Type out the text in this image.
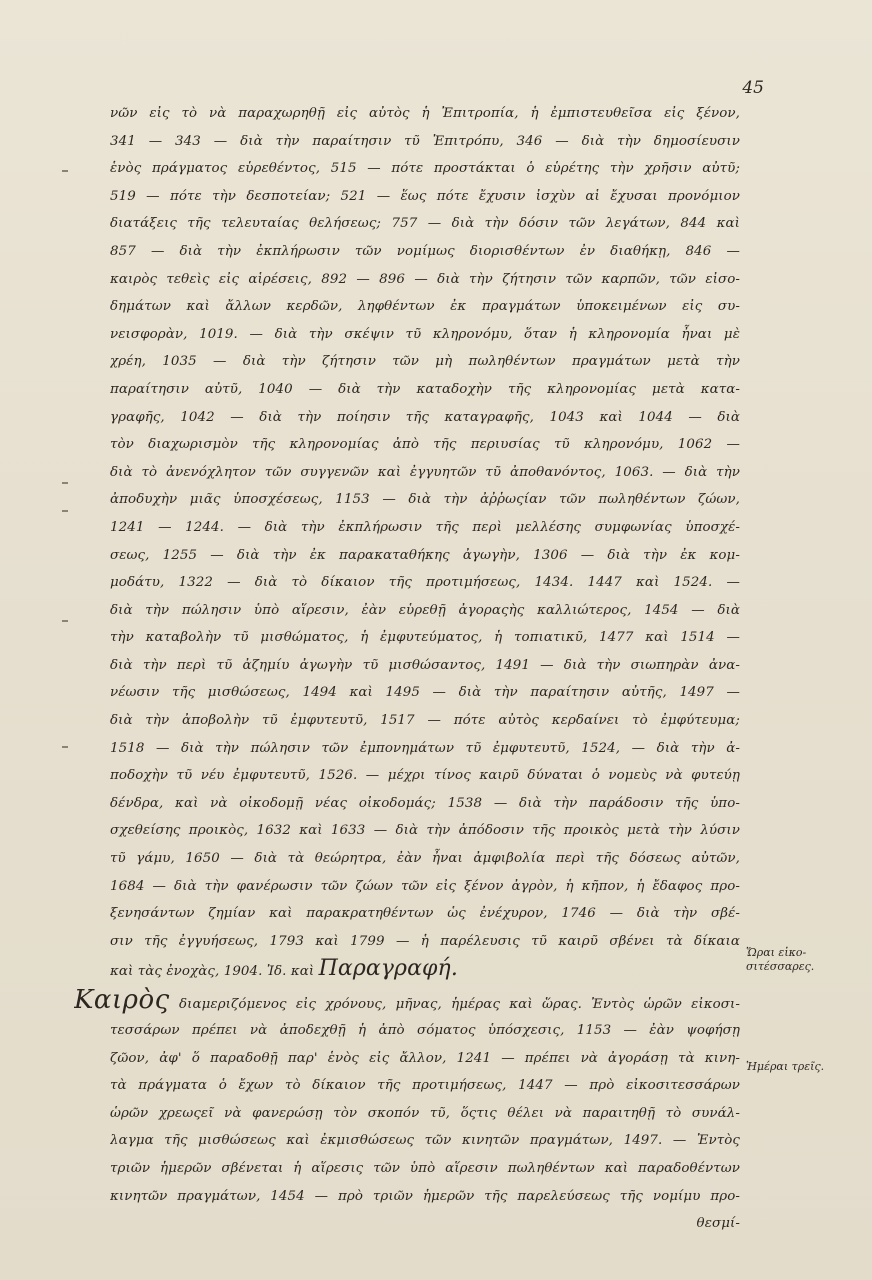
45
νῶν εἰς τὸ νὰ παραχωρηθῇ εἰς αὐτὸς ἡ Ἐπιτροπία, ἡ ἐμπιστευθεῖσα εἰς ξένον,
341 — 343 — διὰ τὴν παραίτησιν τῦ Ἐπιτρόπυ, 346 — διὰ τὴν δημοσίευσιν
ἑνὸς πράγματος εὑρεθέντος, 515 — πότε προστάκται ὁ εὑρέτης τὴν χρῆσιν αὐτῦ;
519 — πότε τὴν δεσποτείαν; 521 — ἕως πότε ἔχυσιν ἰσχὺν αἱ ἔχυσαι προνόμιον
διατάξεις τῆς τελευταίας θελήσεως; 757 — διὰ τὴν δόσιν τῶν λεγάτων, 844 καὶ
857 — διὰ τὴν ἐκπλήρωσιν τῶν νομίμως διορισθέντων ἐν διαθήκῃ, 846 —
καιρὸς τεθεὶς εἰς αἱρέσεις, 892 — 896 — διὰ τὴν ζήτησιν τῶν καρπῶν, τῶν εἰσο-
δημάτων καὶ ἄλλων κερδῶν, ληφθέντων ἐκ πραγμάτων ὑποκειμένων εἰς συ-
νεισφορὰν, 1019. — διὰ τὴν σκέψιν τῦ κληρονόμυ, ὅταν ἡ κληρονομία ἦναι μὲ
χρέη, 1035 — διὰ τὴν ζήτησιν τῶν μὴ πωληθέντων πραγμάτων μετὰ τὴν
παραίτησιν αὐτῦ, 1040 — διὰ τὴν καταδοχὴν τῆς κληρονομίας μετὰ κατα-
γραφῆς, 1042 — διὰ τὴν ποίησιν τῆς καταγραφῆς, 1043 καὶ 1044 — διὰ
τὸν διαχωρισμὸν τῆς κληρονομίας ἀπὸ τῆς περιυσίας τῦ κληρονόμυ, 1062 —
διὰ τὸ ἀνενόχλητον τῶν συγγενῶν καὶ ἐγγυητῶν τῦ ἀποθανόντος, 1063. — διὰ τὴν
ἀποδυχὴν μιᾶς ὑποσχέσεως, 1153 — διὰ τὴν ἀῤῥωςίαν τῶν πωληθέντων ζώων,
1241 — 1244. — διὰ τὴν ἐκπλήρωσιν τῆς περὶ μελλέσης συμφωνίας ὑποσχέ-
σεως, 1255 — διὰ τὴν ἐκ παρακαταθήκης ἀγωγὴν, 1306 — διὰ τὴν ἐκ κομ-
μοδάτυ, 1322 — διὰ τὸ δίκαιον τῆς προτιμήσεως, 1434. 1447 καὶ 1524. —
διὰ τὴν πώλησιν ὑπὸ αἵρεσιν, ἐὰν εὑρεθῇ ἀγοραςὴς καλλιώτερος, 1454 — διὰ
τὴν καταβολὴν τῦ μισθώματος, ἡ ἐμφυτεύματος, ἡ τοπιατικῦ, 1477 καὶ 1514 —
διὰ τὴν περὶ τῦ ἀζημίυ ἀγωγὴν τῦ μισθώσαντος, 1491 — διὰ τὴν σιωπηρὰν ἀνα-
νέωσιν τῆς μισθώσεως, 1494 καὶ 1495 — διὰ τὴν παραίτησιν αὐτῆς, 1497 —
διὰ τὴν ἀποβολὴν τῦ ἐμφυτευτῦ, 1517 — πότε αὐτὸς κερδαίνει τὸ ἐμφύτευμα;
1518 — διὰ τὴν πώλησιν τῶν ἐμπονημάτων τῦ ἐμφυτευτῦ, 1524, — διὰ τὴν ἀ-
ποδοχὴν τῦ νέυ ἐμφυτευτῦ, 1526. — μέχρι τίνος καιρῦ δύναται ὁ νομεὺς νὰ φυτεύῃ
δένδρα, καὶ νὰ οἰκοδομῇ νέας οἰκοδομάς; 1538 — διὰ τὴν παράδοσιν τῆς ὑπο-
σχεθείσης προικὸς, 1632 καὶ 1633 — διὰ τὴν ἀπόδοσιν τῆς προικὸς μετὰ τὴν λύσιν
τῦ γάμυ, 1650 — διὰ τὰ θεώρητρα, ἐὰν ἦναι ἀμφιβολία περὶ τῆς δόσεως αὐτῶν,
1684 — διὰ τὴν φανέρωσιν τῶν ζώων τῶν εἰς ξένον ἀγρὸν, ἡ κῆπον, ἡ ἔδαφος προ-
ξενησάντων ζημίαν καὶ παρακρατηθέντων ὡς ἐνέχυρον, 1746 — διὰ τὴν σβέ-
σιν τῆς ἐγγυήσεως, 1793 καὶ 1799 — ἡ παρέλευσις τῦ καιρῦ σβένει τὰ δίκαια
καὶ τὰς ἐνοχὰς, 1904. Ἰδ. καὶ Παραγραφή.
Καιρὸς διαμεριζόμενος εἰς χρόνους, μῆνας, ἡμέρας καὶ ὥρας. Ἐντὸς ὡρῶν εἰκοσι-
τεσσάρων πρέπει νὰ ἀποδεχθῇ ἡ ἀπὸ σόματος ὑπόσχεσις, 1153 — ἐὰν ψοφήσῃ
ζῶον, ἀφ' ὅ παραδοθῇ παρ' ἑνὸς εἰς ἄλλον, 1241 — πρέπει νὰ ἀγοράσῃ τὰ κινη-
τὰ πράγματα ὁ ἔχων τὸ δίκαιον τῆς προτιμήσεως, 1447 — πρὸ εἰκοσιτεσσάρων
ὡρῶν χρεωςεῖ νὰ φανερώσῃ τὸν σκοπόν τῦ, ὅςτις θέλει νὰ παραιτηθῇ τὸ συνάλ-
λαγμα τῆς μισθώσεως καὶ ἐκμισθώσεως τῶν κινητῶν πραγμάτων, 1497. — Ἐντὸς
τριῶν ἡμερῶν σβένεται ἡ αἵρεσις τῶν ὑπὸ αἵρεσιν πωληθέντων καὶ παραδοθέντων
κινητῶν πραγμάτων, 1454 — πρὸ τριῶν ἡμερῶν τῆς παρελεύσεως τῆς νομίμυ προ-
θεσμί-
Ὥραι εἰκο-σιτέσσαρες.
Ἡμέραι τρεῖς.
